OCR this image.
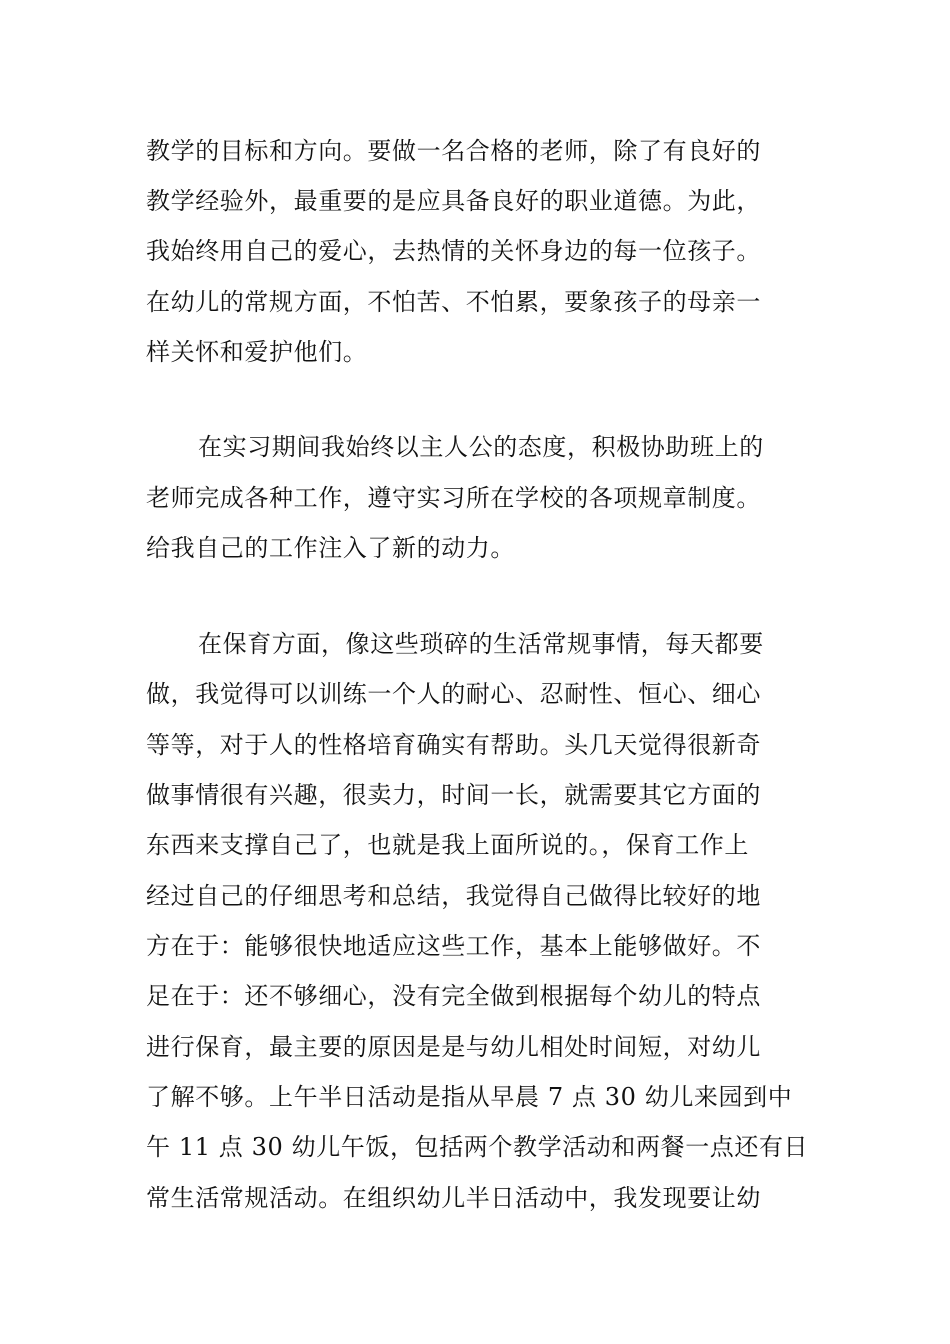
教学的目标和方向。要做一名合格的老师，除了有良好的

教学经验外，最重要的是应具备良好的职业道德。为此，

我始终用自己的爱心，去热情的关怀身边的每一位孩子。

在幼儿的常规方面，不怕苦、不怕累，要象孩子的母亲一

样关怀和爱护他们。

在实习期间我始终以主人公的态度，积极协助班上的

老师完成各种工作，遵守实习所在学校的各项规章制度。

给我自己的工作注入了新的动力。

在保育方面，像这些琐碎的生活常规事情，每天都要

做，我觉得可以训练一个人的耐心、忍耐性、恒心、细心

等等，对于人的性格培育确实有帮助。头几天觉得很新奇

做事情很有兴趣，很卖力，时间一长，就需要其它方面的

东西来支撑自己了，也就是我上面所说的。，保育工作上

经过自己的仔细思考和总结，我觉得自己做得比较好的地

方在于：能够很快地适应这些工作，基本上能够做好。不

足在于：还不够细心，没有完全做到根据每个幼儿的特点

进行保育，最主要的原因是是与幼儿相处时间短，对幼儿

了解不够。上午半日活动是指从早晨 7 点 30 幼儿来园到中

午 11 点 30 幼儿午饭，包括两个教学活动和两餐一点还有日

常生活常规活动。在组织幼儿半日活动中，我发现要让幼
